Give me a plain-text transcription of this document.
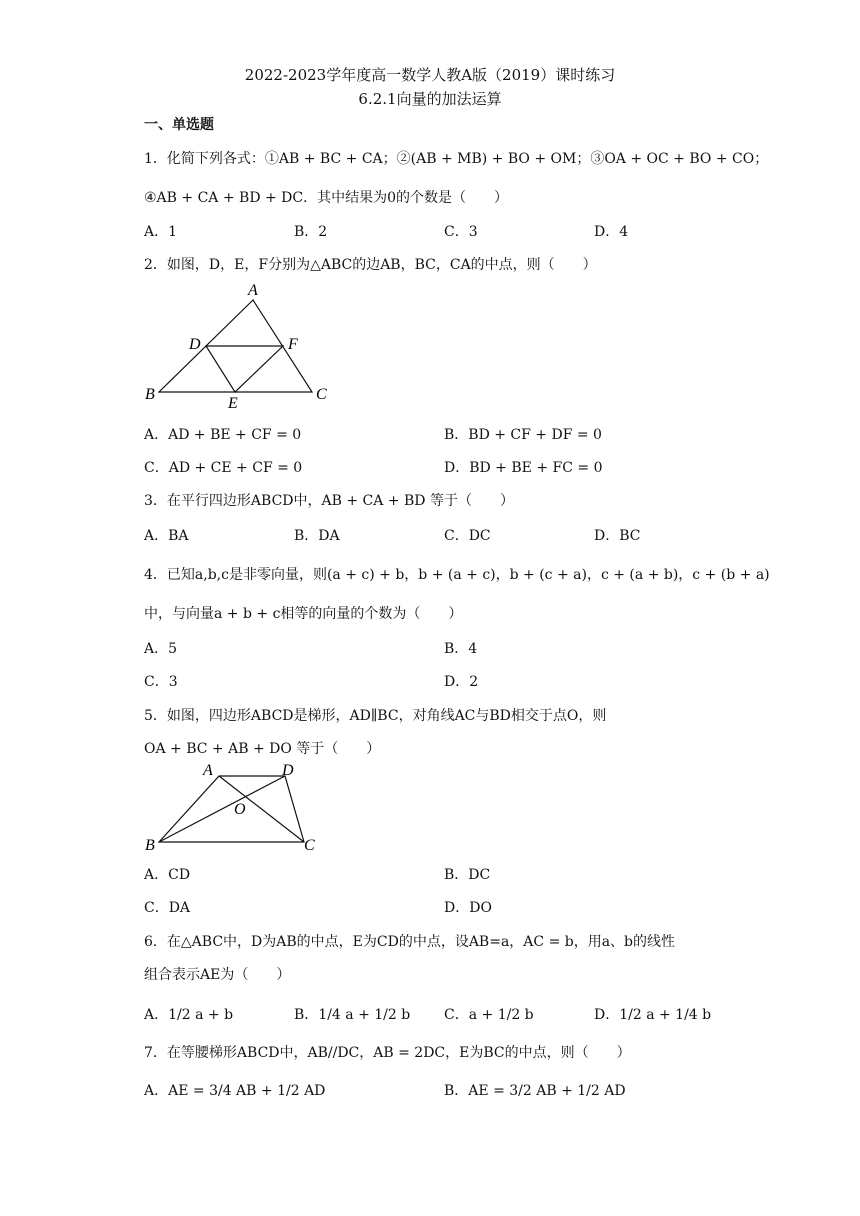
2022-2023学年度高一数学人教A版（2019）课时练习
6.2.1向量的加法运算
一、单选题
1．化简下列各式：①AB + BC + CA；②(AB + MB) + BO + OM；③OA + OC + BO + CO；
④AB + CA + BD + DC．其中结果为0的个数是（　　）
A．1	B．2	C．3	D．4
2．如图，D，E，F分别为△ABC的边AB，BC，CA的中点，则（　　）
A
D	F
B
E
C
A．AD + BE + CF = 0	B．BD + CF + DF = 0
C．AD + CE + CF = 0	D．BD + BE + FC = 0
3．在平行四边形ABCD中，AB + CA + BD 等于（　　）
A．BA	B．DA	C．DC	D．BC
4．已知a,b,c是非零向量，则(a + c) + b，b + (a + c)，b + (c + a)，c + (a + b)，c + (b + a)
中，与向量a + b + c相等的向量的个数为（　　）
A．5	B．4
C．3	D．2
5．如图，四边形ABCD是梯形，AD∥BC，对角线AC与BD相交于点O，则
OA + BC + AB + DO 等于（　　）
A	D
O
B	C
A．CD	B．DC
C．DA	D．DO
6．在△ABC中，D为AB的中点，E为CD的中点，设AB=a，AC = b，用a、b的线性
组合表示AE为（　　）
A．1/2 a + b	B．1/4 a + 1/2 b C．a + 1/2 b	D．1/2 a + 1/4 b
7．在等腰梯形ABCD中，AB//DC，AB = 2DC，E为BC的中点，则（　　）
A．AE = 3/4 AB + 1/2 AD	B．AE = 3/2 AB + 1/2 AD
